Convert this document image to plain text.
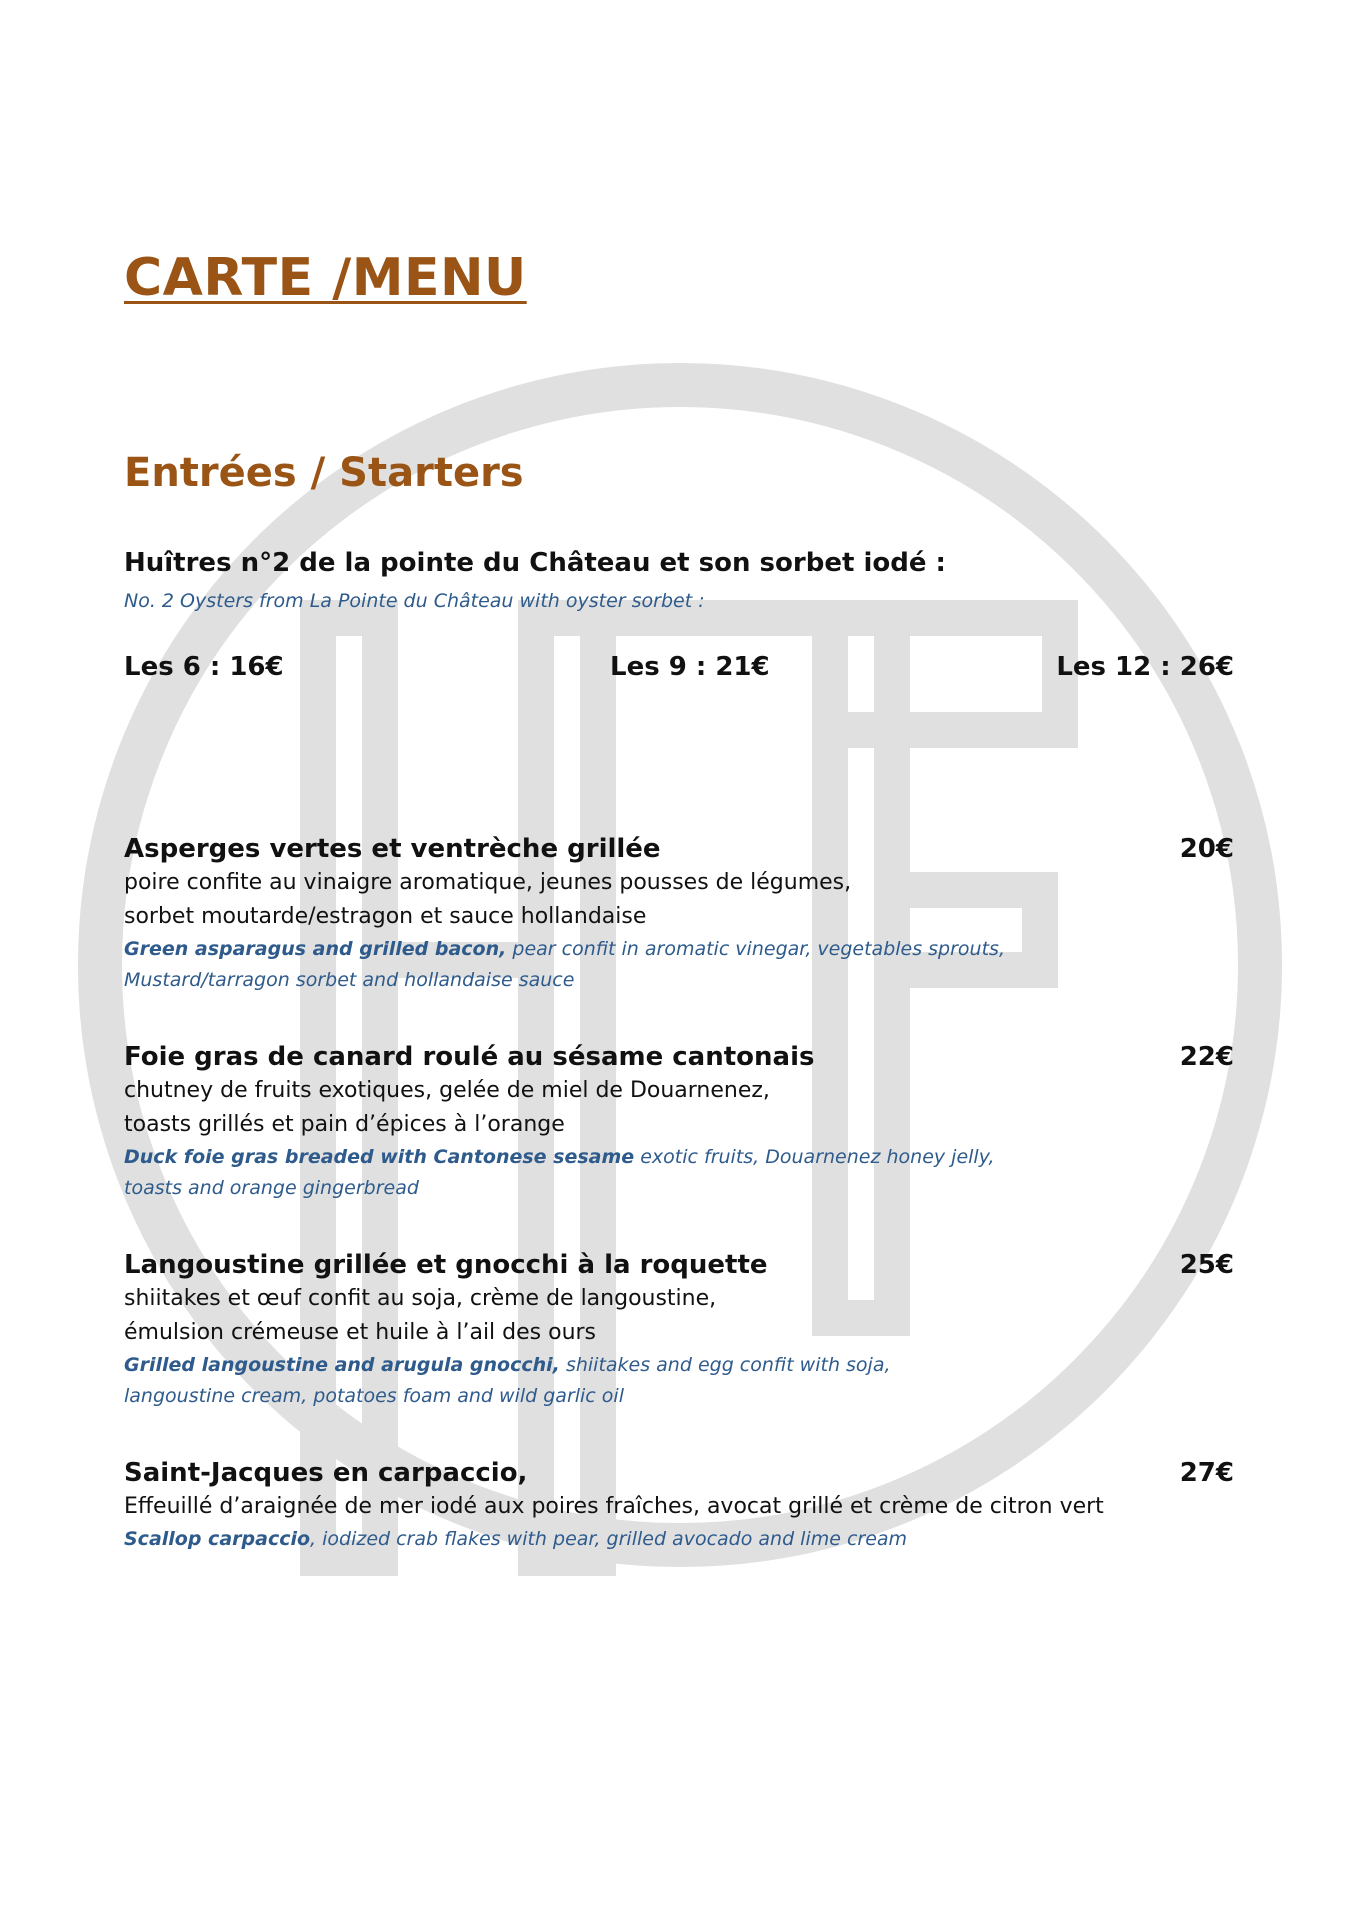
CARTE /MENU
Entrées / Starters
Huîtres n°2 de la pointe du Château et son sorbet iodé :
No. 2 Oysters from La Pointe du Château with oyster sorbet :
Les 6 : 16€	Les 9 : 21€	Les 12 : 26€
Asperges vertes et ventrèche grillée	20€
poire confite au vinaigre aromatique, jeunes pousses de légumes,
sorbet moutarde/estragon et sauce hollandaise
Green asparagus and grilled bacon, pear confit in aromatic vinegar, vegetables sprouts,
Mustard/tarragon sorbet and hollandaise sauce
Foie gras de canard roulé au sésame cantonais	22€
chutney de fruits exotiques, gelée de miel de Douarnenez,
toasts grillés et pain d’épices à l’orange
Duck foie gras breaded with Cantonese sesame exotic fruits, Douarnenez honey jelly,
toasts and orange gingerbread
Langoustine grillée et gnocchi à la roquette	25€
shiitakes et œuf confit au soja, crème de langoustine,
émulsion crémeuse et huile à l’ail des ours
Grilled langoustine and arugula gnocchi, shiitakes and egg confit with soja,
langoustine cream, potatoes foam and wild garlic oil
Saint-Jacques en carpaccio,	27€
Effeuillé d’araignée de mer iodé aux poires fraîches, avocat grillé et crème de citron vert
Scallop carpaccio, iodized crab flakes with pear, grilled avocado and lime cream
